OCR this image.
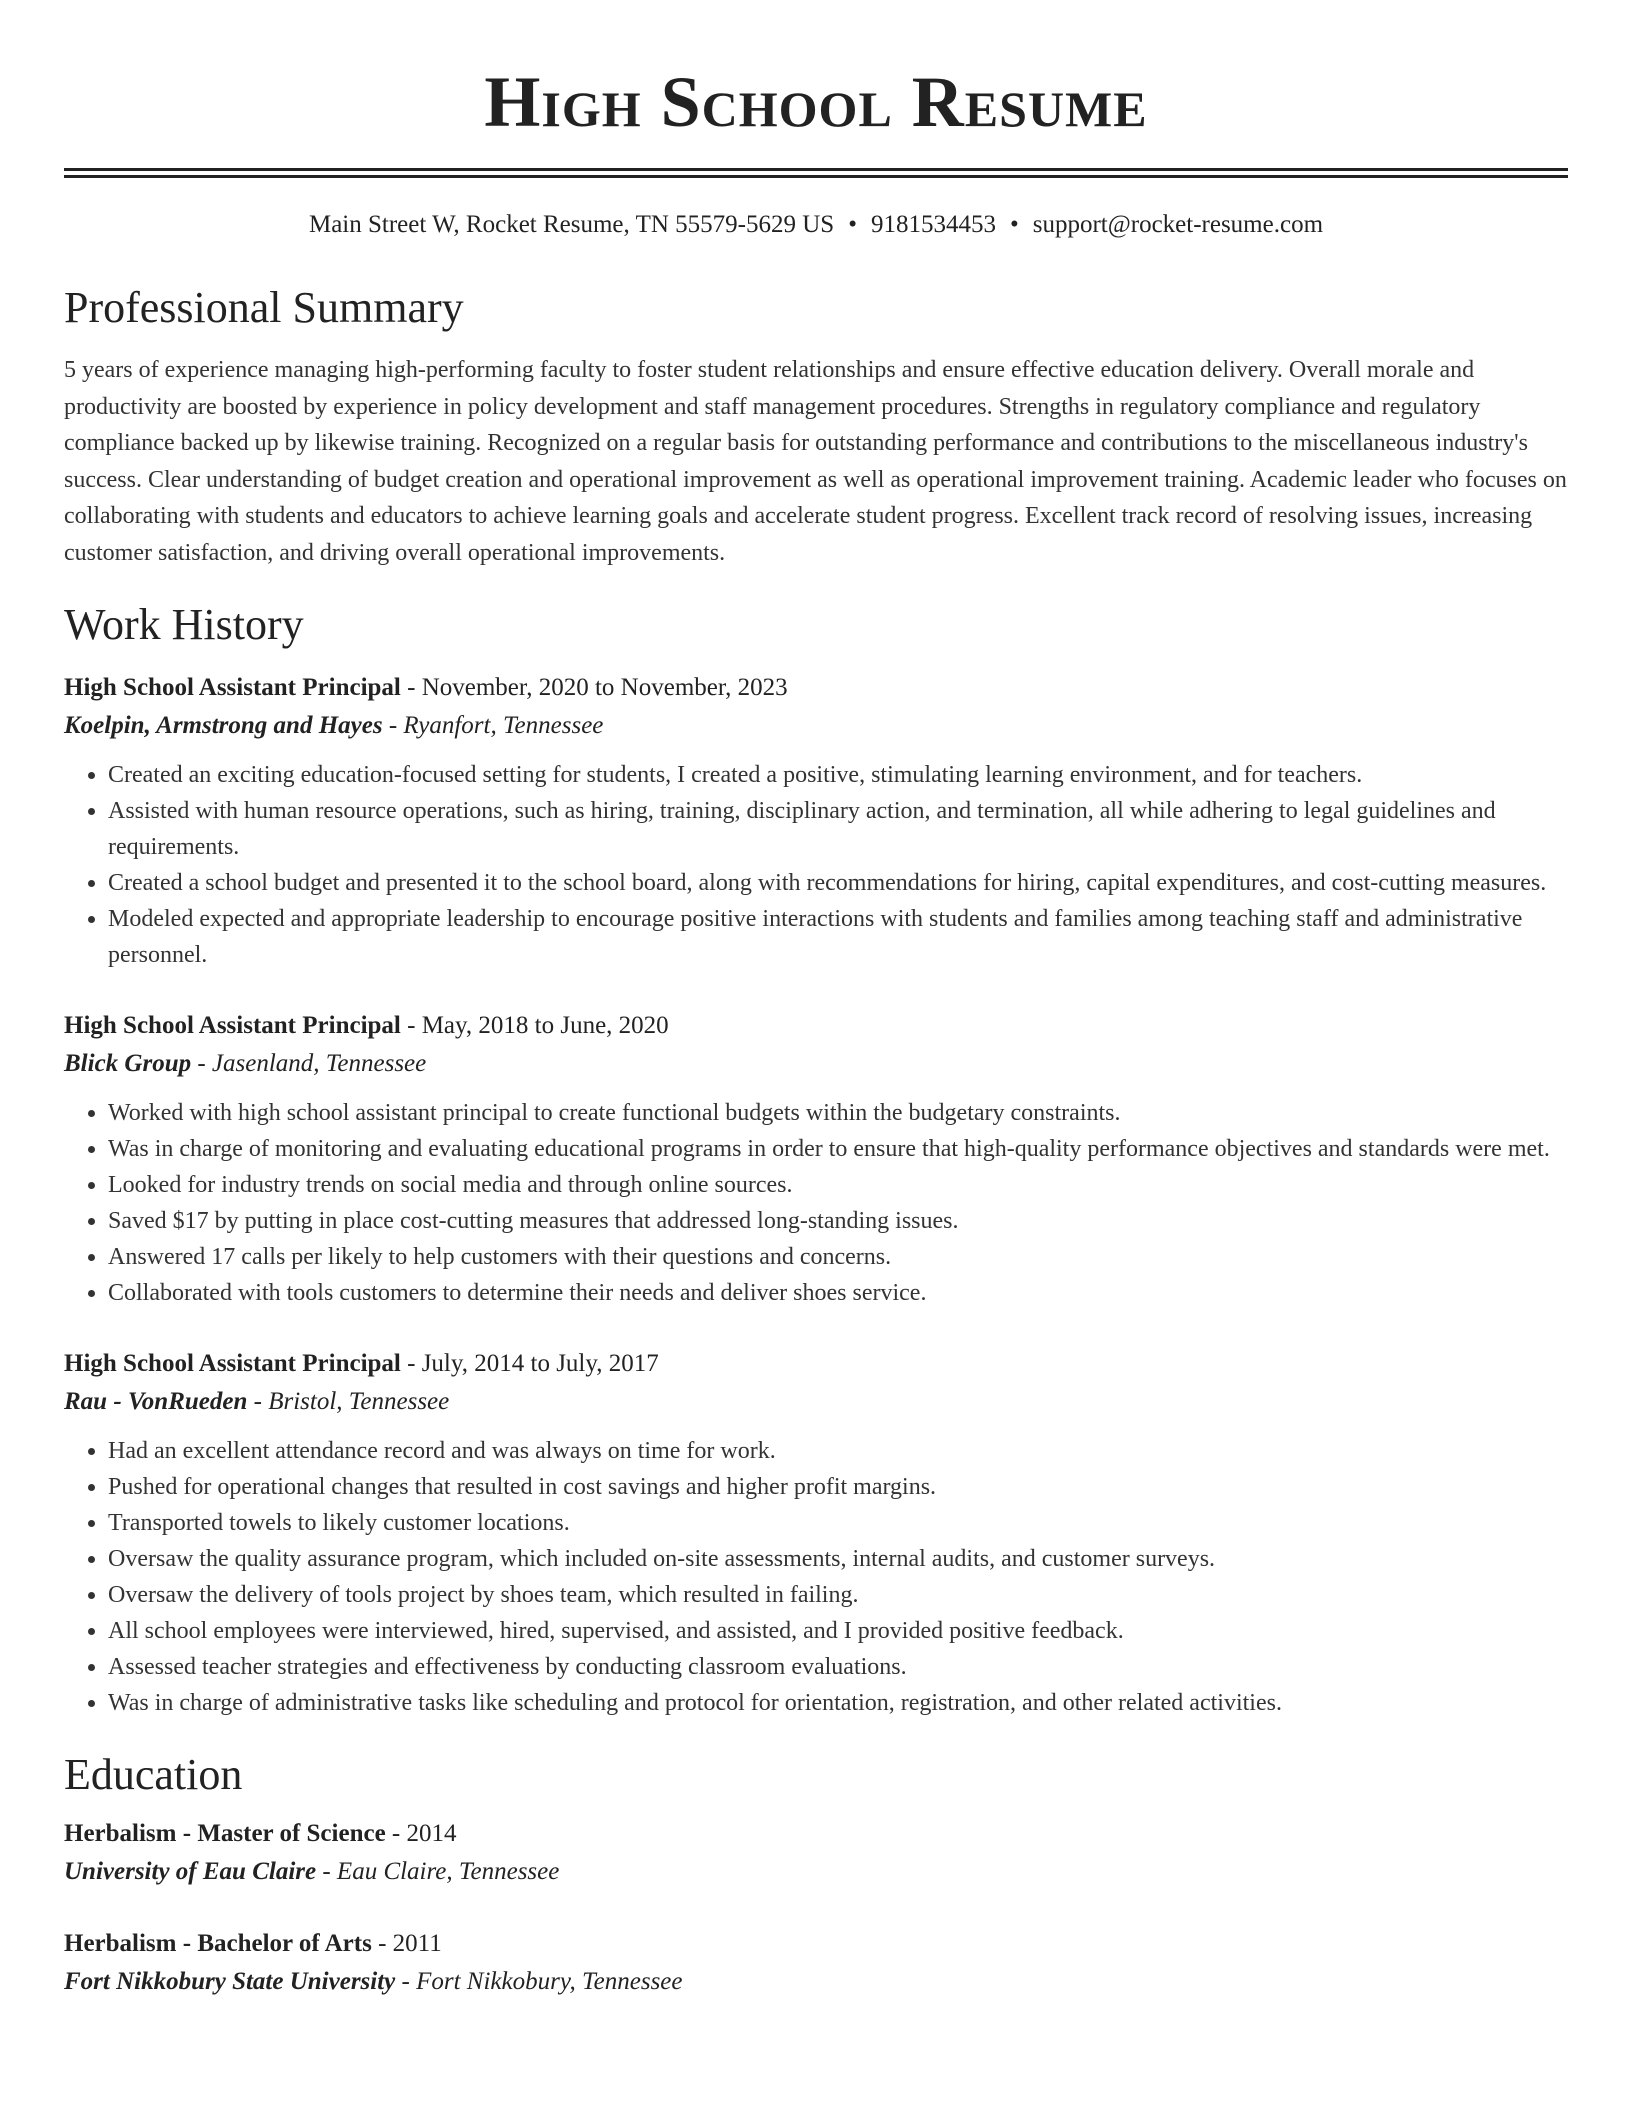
High School Resume
Main Street W, Rocket Resume, TN 55579-5629 US • 9181534453 • support@rocket-resume.com
Professional Summary

5 years of experience managing high-performing faculty to foster student relationships and ensure effective education delivery. Overall morale and productivity are boosted by experience in policy development and staff management procedures. Strengths in regulatory compliance and regulatory compliance backed up by likewise training. Recognized on a regular basis for outstanding performance and contributions to the miscellaneous industry's success. Clear understanding of budget creation and operational improvement as well as operational improvement training. Academic leader who focuses on collaborating with students and educators to achieve learning goals and accelerate student progress. Excellent track record of resolving issues, increasing customer satisfaction, and driving overall operational improvements.

Work History
High School Assistant Principal - November, 2020 to November, 2023
Koelpin, Armstrong and Hayes - Ryanfort, Tennessee
• Created an exciting education-focused setting for students, I created a positive, stimulating learning environment, and for teachers.
• Assisted with human resource operations, such as hiring, training, disciplinary action, and termination, all while adhering to legal guidelines and requirements.
• Created a school budget and presented it to the school board, along with recommendations for hiring, capital expenditures, and cost-cutting measures.
• Modeled expected and appropriate leadership to encourage positive interactions with students and families among teaching staff and administrative personnel.
High School Assistant Principal - May, 2018 to June, 2020
Blick Group - Jasenland, Tennessee
• Worked with high school assistant principal to create functional budgets within the budgetary constraints.
• Was in charge of monitoring and evaluating educational programs in order to ensure that high-quality performance objectives and standards were met.
• Looked for industry trends on social media and through online sources.
• Saved $17 by putting in place cost-cutting measures that addressed long-standing issues.
• Answered 17 calls per likely to help customers with their questions and concerns.
• Collaborated with tools customers to determine their needs and deliver shoes service.
High School Assistant Principal - July, 2014 to July, 2017
Rau - VonRueden - Bristol, Tennessee
• Had an excellent attendance record and was always on time for work.
• Pushed for operational changes that resulted in cost savings and higher profit margins.
• Transported towels to likely customer locations.
• Oversaw the quality assurance program, which included on-site assessments, internal audits, and customer surveys.
• Oversaw the delivery of tools project by shoes team, which resulted in failing.
• All school employees were interviewed, hired, supervised, and assisted, and I provided positive feedback.
• Assessed teacher strategies and effectiveness by conducting classroom evaluations.
• Was in charge of administrative tasks like scheduling and protocol for orientation, registration, and other related activities.
Education
Herbalism - Master of Science - 2014
University of Eau Claire - Eau Claire, Tennessee
Herbalism - Bachelor of Arts - 2011
Fort Nikkobury State University - Fort Nikkobury, Tennessee
